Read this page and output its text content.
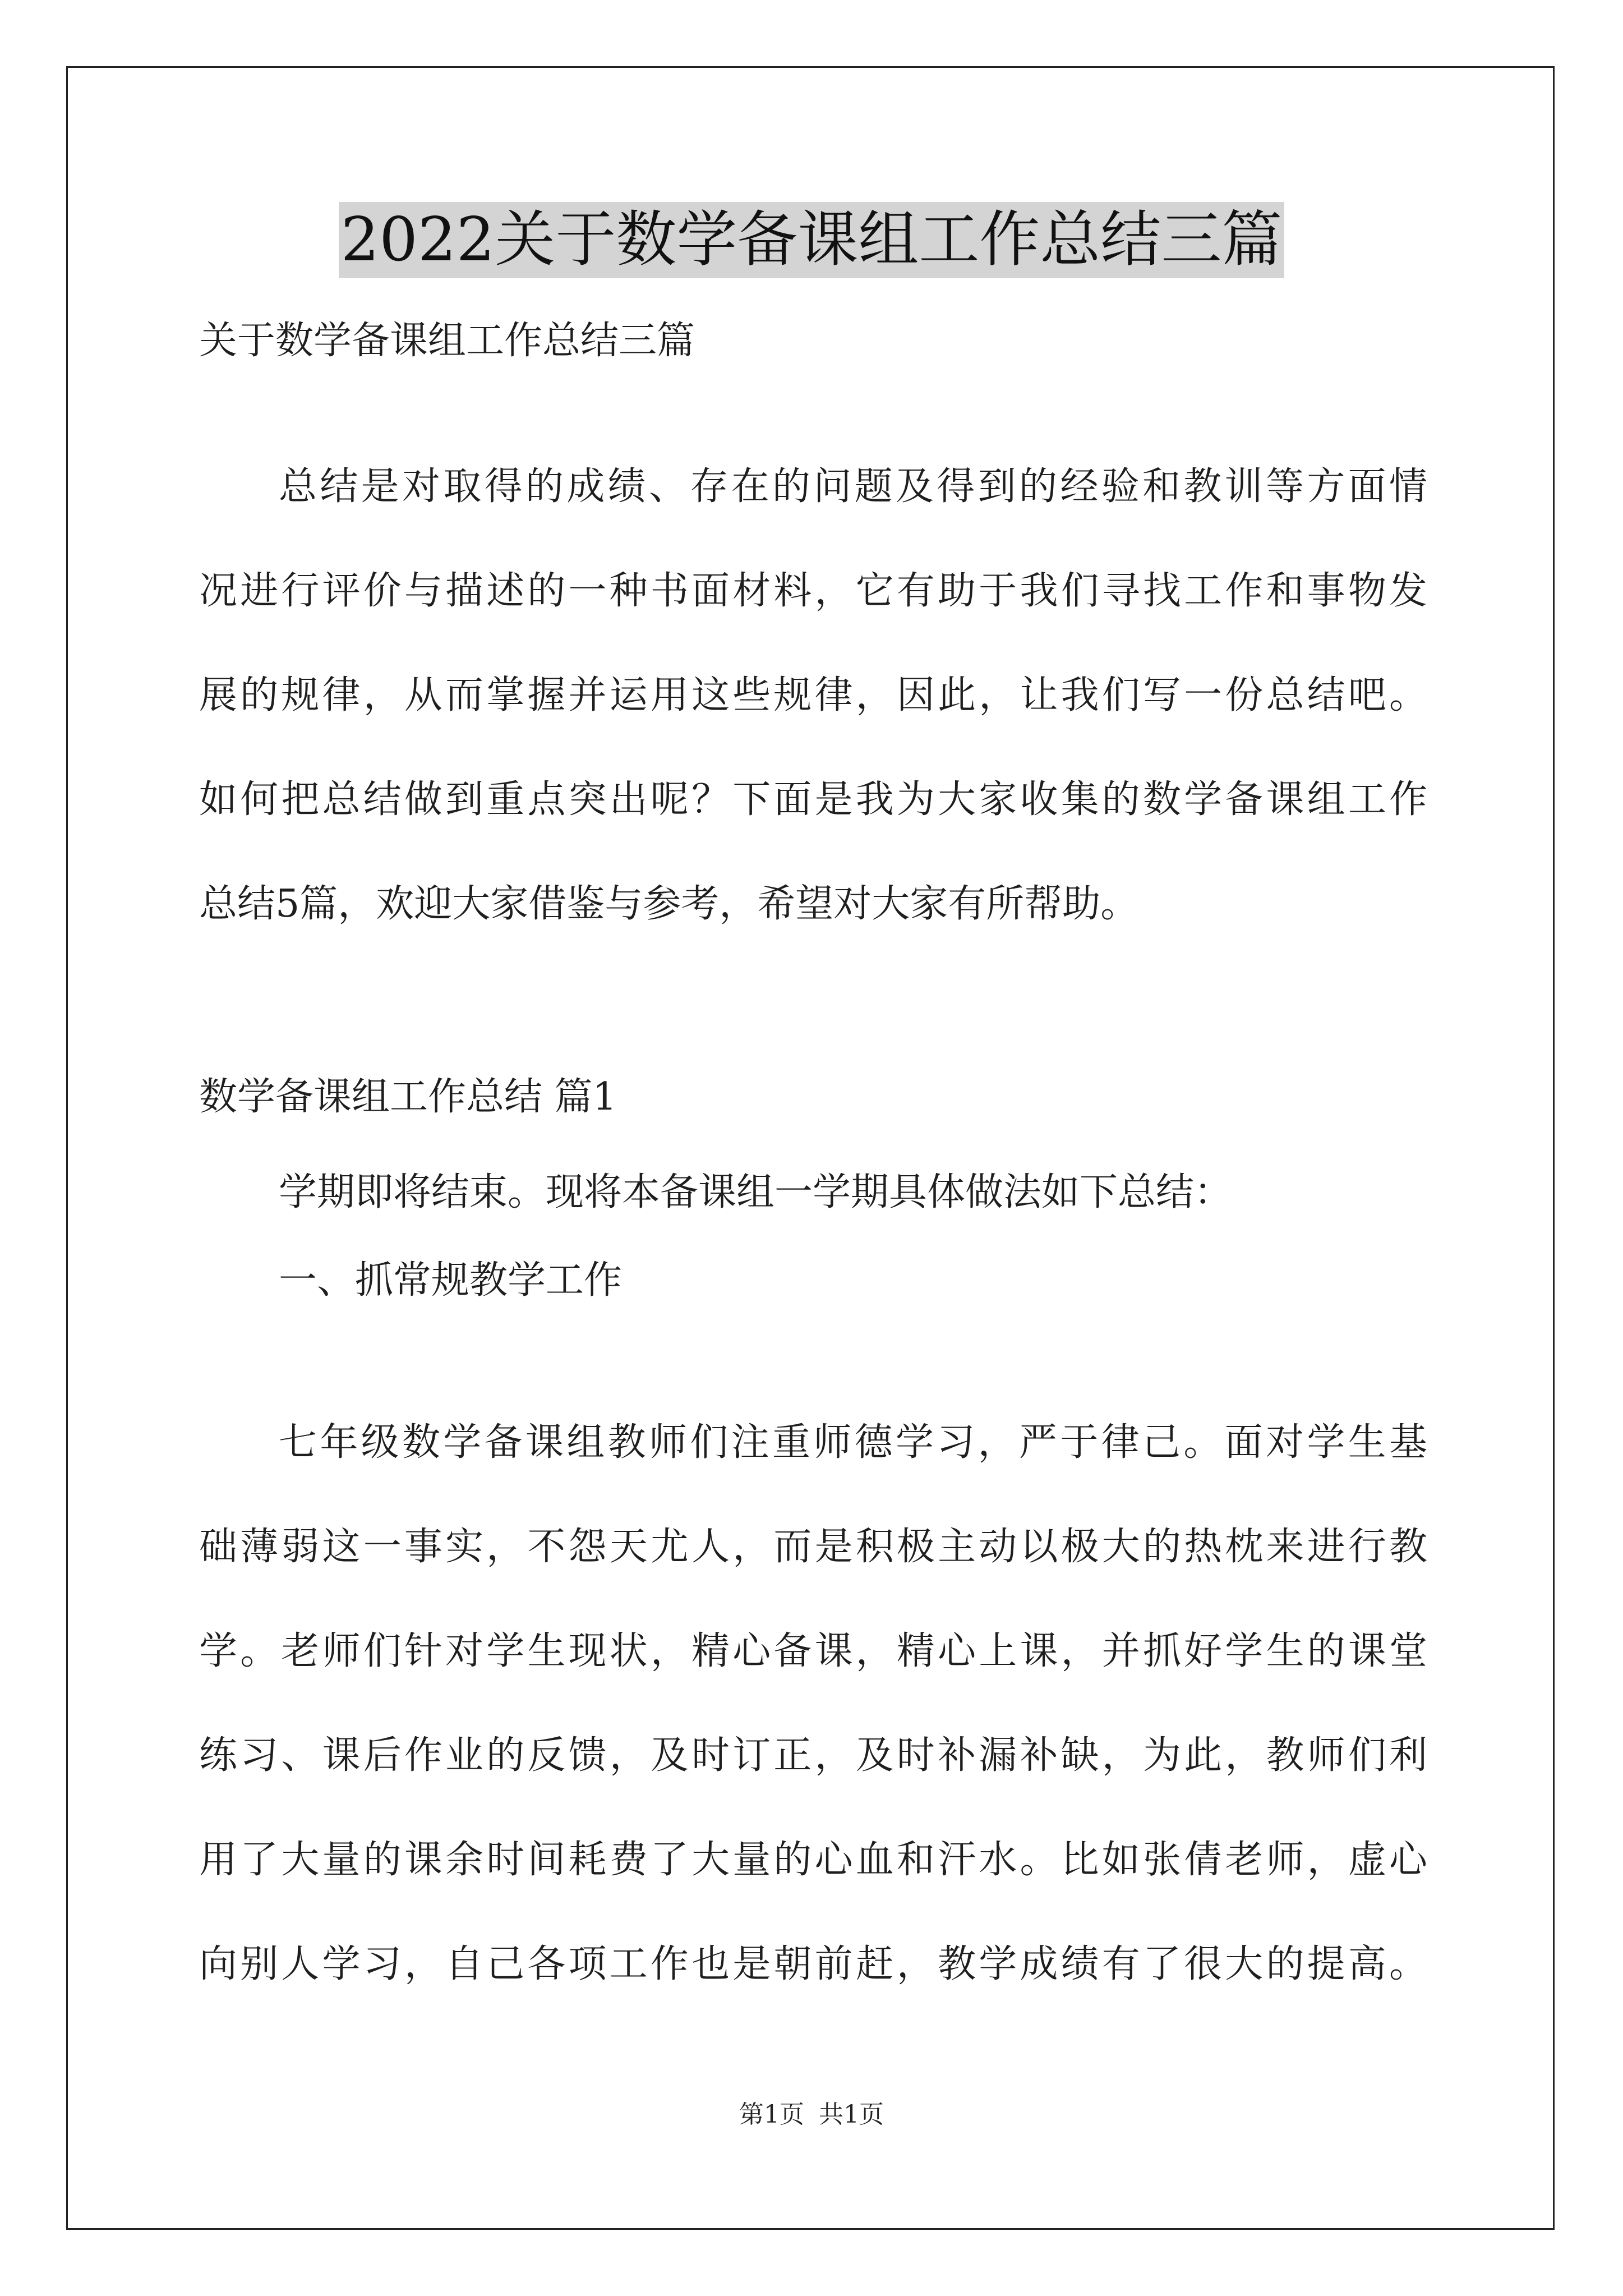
2022关于数学备课组工作总结三篇
关于数学备课组工作总结三篇
总结是对取得的成绩、存在的问题及得到的经验和教训等方面情
况进行评价与描述的一种书面材料，它有助于我们寻找工作和事物发
展的规律，从而掌握并运用这些规律，因此，让我们写一份总结吧。
如何把总结做到重点突出呢？下面是我为大家收集的数学备课组工作
总结5篇，欢迎大家借鉴与参考，希望对大家有所帮助。
数学备课组工作总结 篇1
学期即将结束。现将本备课组一学期具体做法如下总结：
一、抓常规教学工作
七年级数学备课组教师们注重师德学习，严于律己。面对学生基
础薄弱这一事实，不怨天尤人，而是积极主动以极大的热枕来进行教
学。老师们针对学生现状，精心备课，精心上课，并抓好学生的课堂
练习、课后作业的反馈，及时订正，及时补漏补缺，为此，教师们利
用了大量的课余时间耗费了大量的心血和汗水。比如张倩老师，虚心
向别人学习，自己各项工作也是朝前赶，教学成绩有了很大的提高。
第1页 共1页
